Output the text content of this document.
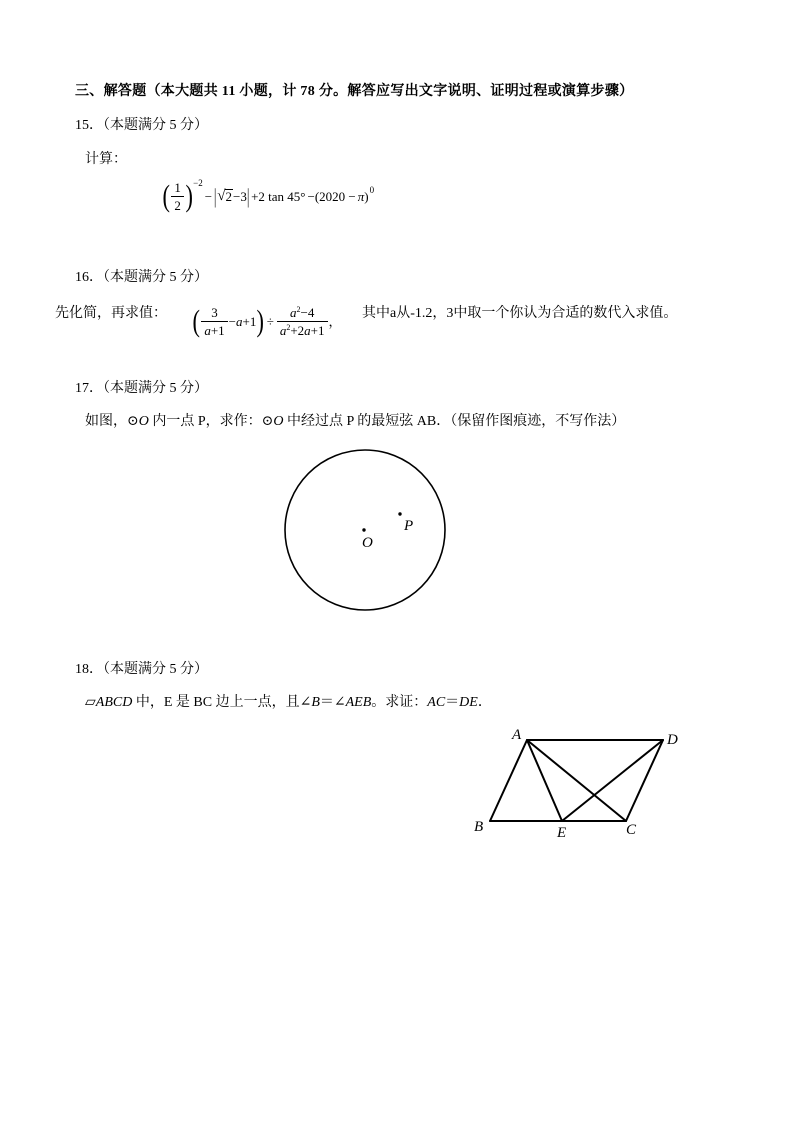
三、解答题（本大题共 11 小题，计 78 分。解答应写出文字说明、证明过程或演算步骤）
15．（本题满分 5 分）
计算：
( $\frac{1}{2}$ ) −2
− | √ 2 −3 | +2 tan 45° −(2020 − π ) 0
16．（本题满分 5 分）
先化简，再求值： ( $\frac{3}{a+1} - a +1$ ) ÷ $\frac{a^2-4}{a^2+2a+1}$ ， 其中a从-1.2，3中取一个你认为合适的数代入求值。
17．（本题满分 5 分）
如图，⊙O 内一点 P，求作：⊙O 中经过点 P 的最短弦 AB．（保留作图痕迹，不写作法）
O
P
18．（本题满分 5 分）
▱ABCD 中，E 是 BC 边上一点，且∠B＝∠AEB。求证：AC＝DE．
A	D
B	E	C
